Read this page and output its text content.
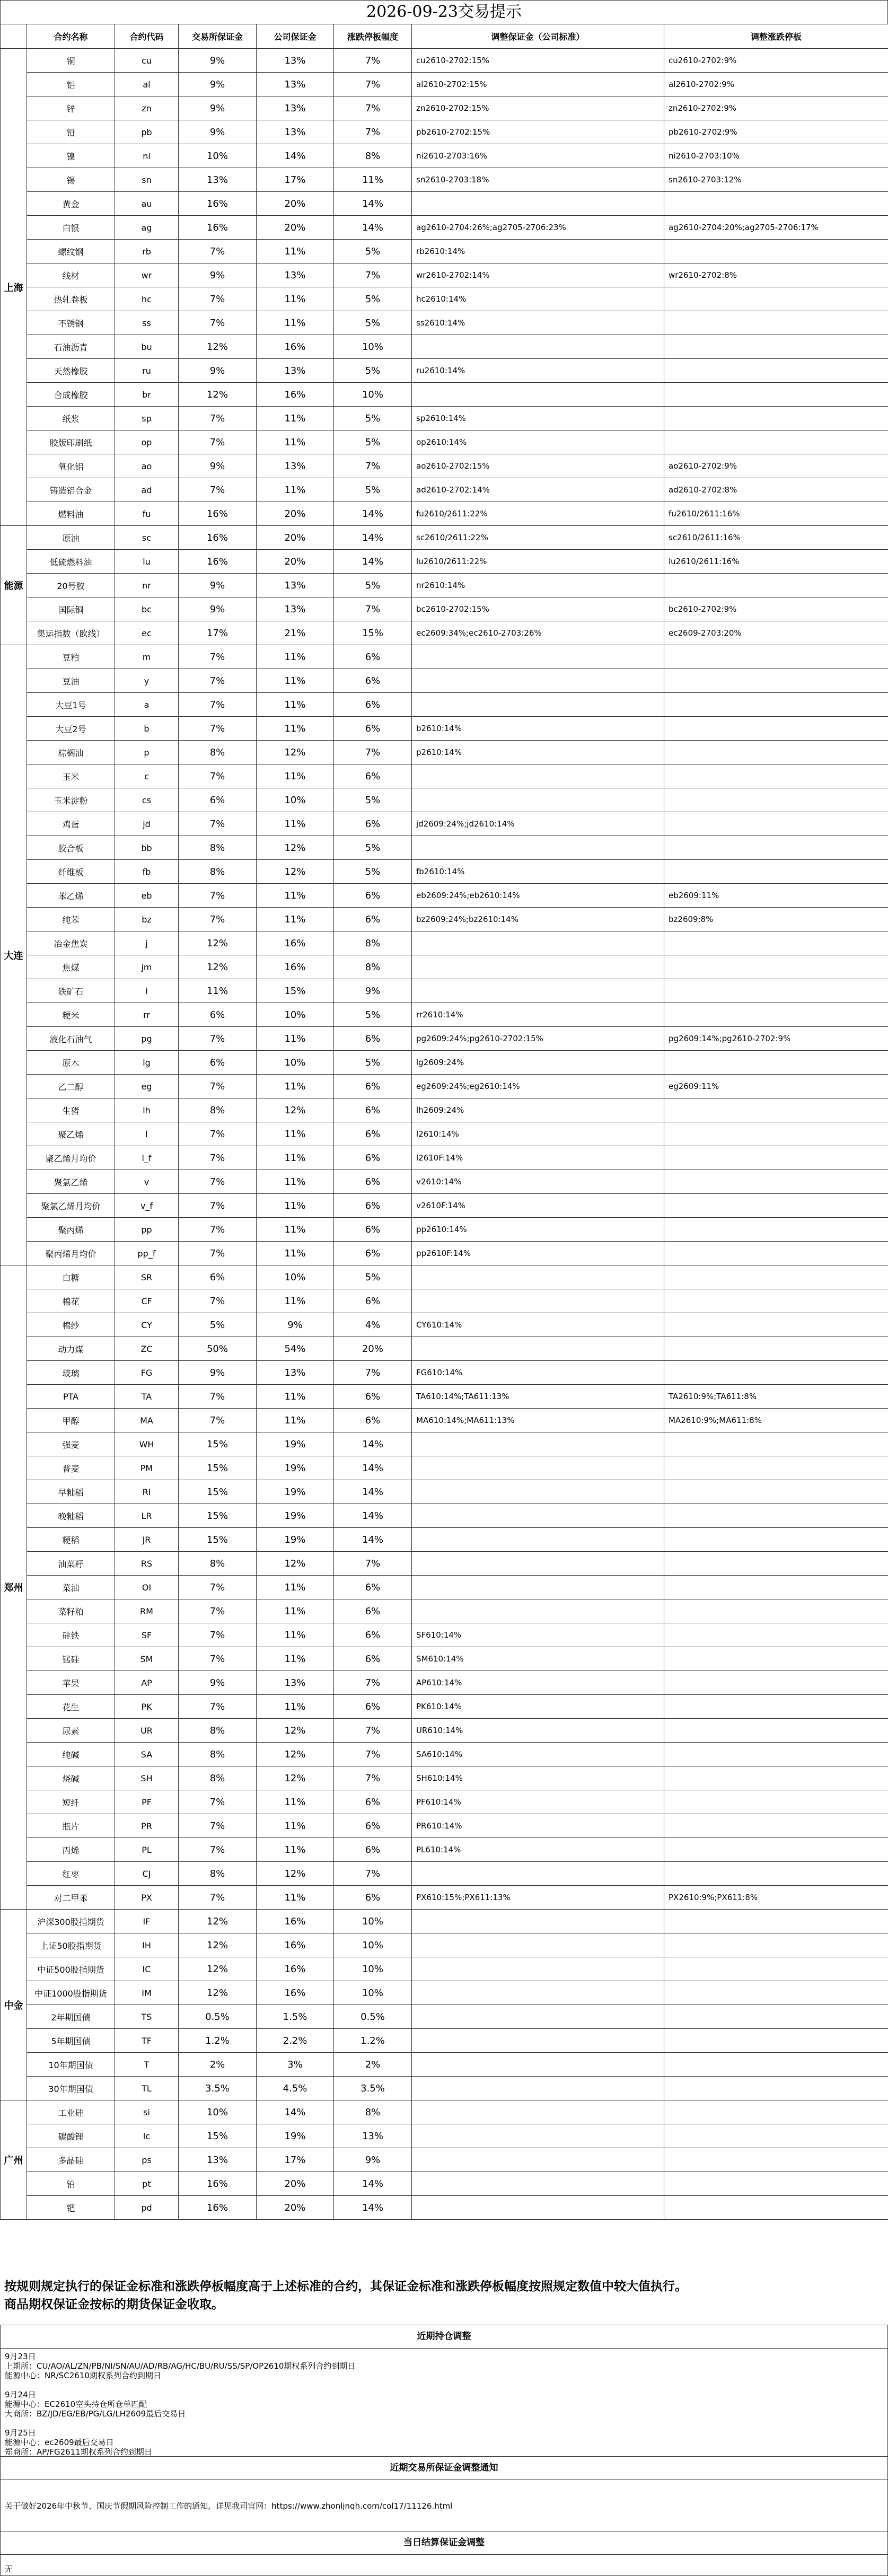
2026-09-23交易提示
	合约名称	合约代码	交易所保证金	公司保证金	涨跌停板幅度	调整保证金（公司标准）	调整涨跌停板
上海	铜	cu	9%	13%	7%	cu2610-2702:15%	cu2610-2702:9%
	铝	al	9%	13%	7%	al2610-2702:15%	al2610-2702:9%
	锌	zn	9%	13%	7%	zn2610-2702:15%	zn2610-2702:9%
	铅	pb	9%	13%	7%	pb2610-2702:15%	pb2610-2702:9%
	镍	ni	10%	14%	8%	ni2610-2703:16%	ni2610-2703:10%
	锡	sn	13%	17%	11%	sn2610-2703:18%	sn2610-2703:12%
	黄金	au	16%	20%	14%		
	白银	ag	16%	20%	14%	ag2610-2704:26%;ag2705-2706:23%	ag2610-2704:20%;ag2705-2706:17%
	螺纹钢	rb	7%	11%	5%	rb2610:14%	
	线材	wr	9%	13%	7%	wr2610-2702:14%	wr2610-2702:8%
	热轧卷板	hc	7%	11%	5%	hc2610:14%	
	不锈钢	ss	7%	11%	5%	ss2610:14%	
	石油沥青	bu	12%	16%	10%		
	天然橡胶	ru	9%	13%	5%	ru2610:14%	
	合成橡胶	br	12%	16%	10%		
	纸浆	sp	7%	11%	5%	sp2610:14%	
	胶版印刷纸	op	7%	11%	5%	op2610:14%	
	氧化铝	ao	9%	13%	7%	ao2610-2702:15%	ao2610-2702:9%
	铸造铝合金	ad	7%	11%	5%	ad2610-2702:14%	ad2610-2702:8%
	燃料油	fu	16%	20%	14%	fu2610/2611:22%	fu2610/2611:16%
能源	原油	sc	16%	20%	14%	sc2610/2611:22%	sc2610/2611:16%
	低硫燃料油	lu	16%	20%	14%	lu2610/2611:22%	lu2610/2611:16%
	20号胶	nr	9%	13%	5%	nr2610:14%	
	国际铜	bc	9%	13%	7%	bc2610-2702:15%	bc2610-2702:9%
	集运指数（欧线）	ec	17%	21%	15%	ec2609:34%;ec2610-2703:26%	ec2609-2703:20%
大连	豆粕	m	7%	11%	6%		
	豆油	y	7%	11%	6%		
	大豆1号	a	7%	11%	6%		
	大豆2号	b	7%	11%	6%	b2610:14%	
	棕榈油	p	8%	12%	7%	p2610:14%	
	玉米	c	7%	11%	6%		
	玉米淀粉	cs	6%	10%	5%		
	鸡蛋	jd	7%	11%	6%	jd2609:24%;jd2610:14%	
	胶合板	bb	8%	12%	5%		
	纤维板	fb	8%	12%	5%	fb2610:14%	
	苯乙烯	eb	7%	11%	6%	eb2609:24%;eb2610:14%	eb2609:11%
	纯苯	bz	7%	11%	6%	bz2609:24%;bz2610:14%	bz2609:8%
	冶金焦炭	j	12%	16%	8%		
	焦煤	jm	12%	16%	8%		
	铁矿石	i	11%	15%	9%		
	粳米	rr	6%	10%	5%	rr2610:14%	
	液化石油气	pg	7%	11%	6%	pg2609:24%;pg2610-2702:15%	pg2609:14%;pg2610-2702:9%
	原木	lg	6%	10%	5%	lg2609:24%	
	乙二醇	eg	7%	11%	6%	eg2609:24%;eg2610:14%	eg2609:11%
	生猪	lh	8%	12%	6%	lh2609:24%	
	聚乙烯	l	7%	11%	6%	l2610:14%	
	聚乙烯月均价	l_f	7%	11%	6%	l2610F:14%	
	聚氯乙烯	v	7%	11%	6%	v2610:14%	
	聚氯乙烯月均价	v_f	7%	11%	6%	v2610F:14%	
	聚丙烯	pp	7%	11%	6%	pp2610:14%	
	聚丙烯月均价	pp_f	7%	11%	6%	pp2610F:14%	
郑州	白糖	SR	6%	10%	5%		
	棉花	CF	7%	11%	6%		
	棉纱	CY	5%	9%	4%	CY610:14%	
	动力煤	ZC	50%	54%	20%		
	玻璃	FG	9%	13%	7%	FG610:14%	
	PTA	TA	7%	11%	6%	TA610:14%;TA611:13%	TA2610:9%;TA611:8%
	甲醇	MA	7%	11%	6%	MA610:14%;MA611:13%	MA2610:9%;MA611:8%
	强麦	WH	15%	19%	14%		
	普麦	PM	15%	19%	14%		
	早籼稻	RI	15%	19%	14%		
	晚籼稻	LR	15%	19%	14%		
	粳稻	JR	15%	19%	14%		
	油菜籽	RS	8%	12%	7%		
	菜油	OI	7%	11%	6%		
	菜籽粕	RM	7%	11%	6%		
	硅铁	SF	7%	11%	6%	SF610:14%	
	锰硅	SM	7%	11%	6%	SM610:14%	
	苹果	AP	9%	13%	7%	AP610:14%	
	花生	PK	7%	11%	6%	PK610:14%	
	尿素	UR	8%	12%	7%	UR610:14%	
	纯碱	SA	8%	12%	7%	SA610:14%	
	烧碱	SH	8%	12%	7%	SH610:14%	
	短纤	PF	7%	11%	6%	PF610:14%	
	瓶片	PR	7%	11%	6%	PR610:14%	
	丙烯	PL	7%	11%	6%	PL610:14%	
	红枣	CJ	8%	12%	7%		
	对二甲苯	PX	7%	11%	6%	PX610:15%;PX611:13%	PX2610:9%;PX611:8%
中金	沪深300股指期货	IF	12%	16%	10%		
	上证50股指期货	IH	12%	16%	10%		
	中证500股指期货	IC	12%	16%	10%		
	中证1000股指期货	IM	12%	16%	10%		
	2年期国债	TS	0.5%	1.5%	0.5%		
	5年期国债	TF	1.2%	2.2%	1.2%		
	10年期国债	T	2%	3%	2%		
	30年期国债	TL	3.5%	4.5%	3.5%		
广州	工业硅	si	10%	14%	8%		
	碳酸锂	lc	15%	19%	13%		
	多晶硅	ps	13%	17%	9%		
	铂	pt	16%	20%	14%		
	钯	pd	16%	20%	14%		
按规则规定执行的保证金标准和涨跌停板幅度高于上述标准的合约，其保证金标准和涨跌停板幅度按照规定数值中较大值执行。
商品期权保证金按标的期货保证金收取。
近期持仓调整

9月23日

上期所：CU/AO/AL/ZN/PB/NI/SN/AU/AD/RB/AG/HC/BU/RU/SS/SP/OP2610期权系列合约到期日

能源中心：NR/SC2610期权系列合约到期日

9月24日

能源中心：EC2610空头持仓所仓单匹配

大商所：BZ/JD/EG/EB/PG/LG/LH2609最后交易日

9月25日

能源中心：ec2609最后交易日

郑商所：AP/FG2611期权系列合约到期日

近期交易所保证金调整通知

关于做好2026年中秋节、国庆节假期风险控制工作的通知，详见我司官网：https://www.zhonljnqh.com/col17/11126.html

当日结算保证金调整

无
